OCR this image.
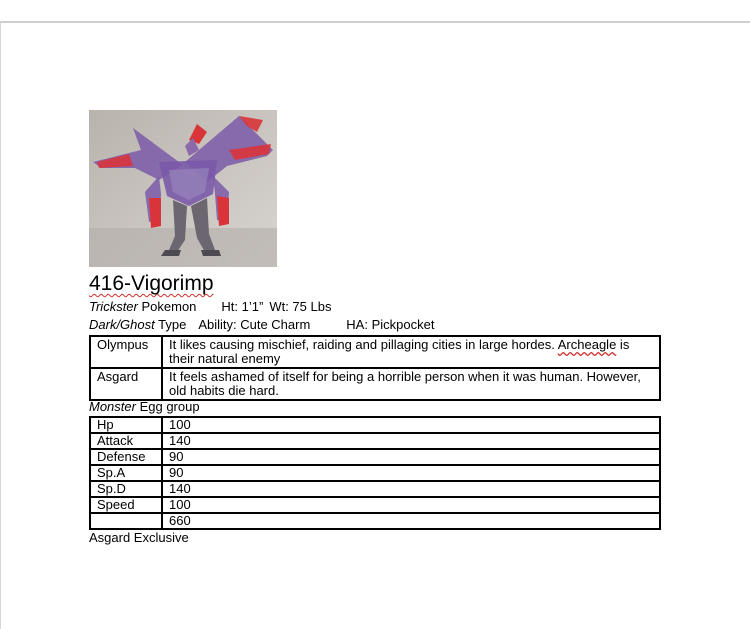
416-Vigorimp
Trickster Pokemon Ht: 1’1” Wt: 75 Lbs
Dark/Ghost Type Ability: Cute Charm	HA: Pickpocket
Olympus	It likes causing mischief, raiding and pillaging cities in large hordes. Archeagle is their natural enemy
Asgard	It feels ashamed of itself for being a horrible person when it was human. However, old habits die hard.
Monster Egg group
Hp	100
Attack	140
Defense	90
Sp.A	90
Sp.D	140
Speed	100
	660
Asgard Exclusive
